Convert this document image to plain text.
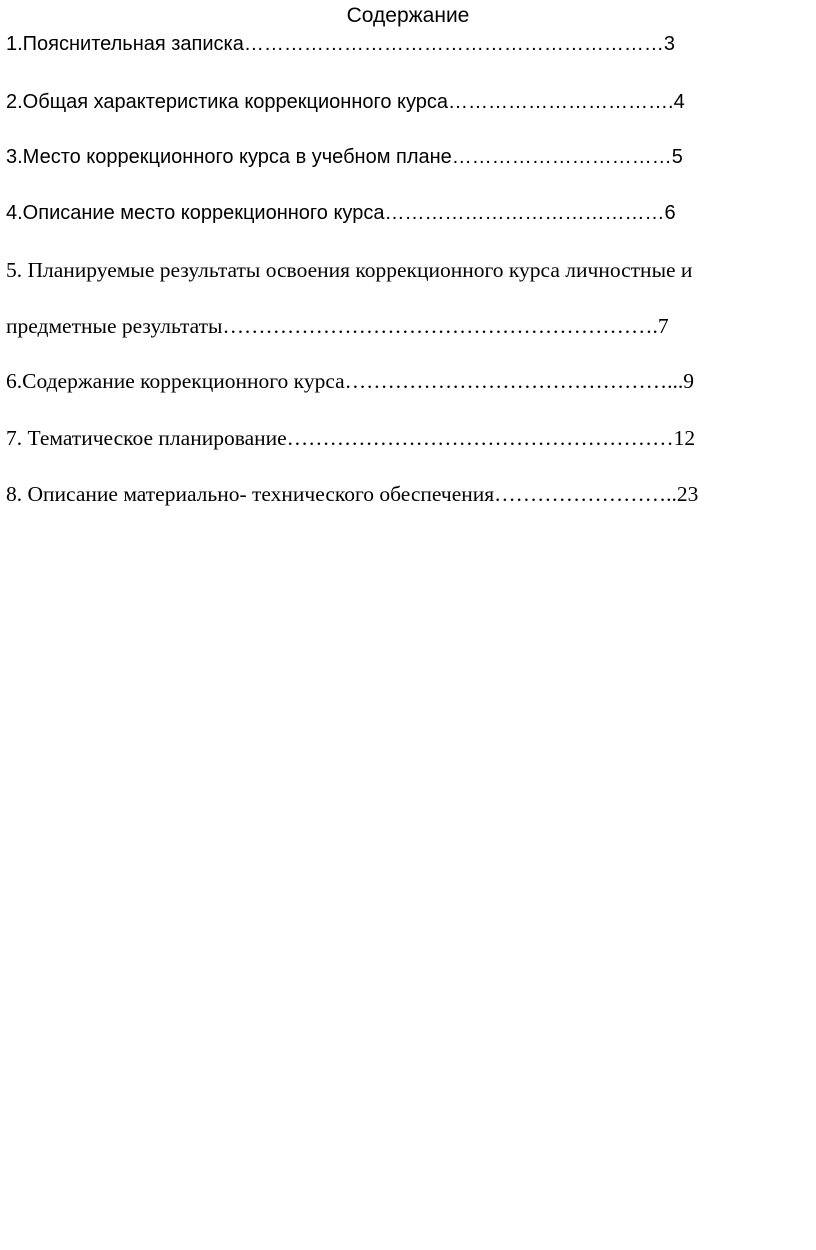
Содержание
1.Пояснительная записка………………………………………………………3
2.Общая характеристика коррекционного курса…………………………….4
3.Место коррекционного курса в учебном плане……………………………5
4.Описание место коррекционного курса……………………………………6
5. Планируемые результаты освоения коррекционного курса личностные и
предметные результаты…………………………………………………….7
6.Содержание коррекционного курса………………………………………...9
7. Тематическое планирование………………………………………………12
8. Описание материально- технического обеспечения……………………..23
